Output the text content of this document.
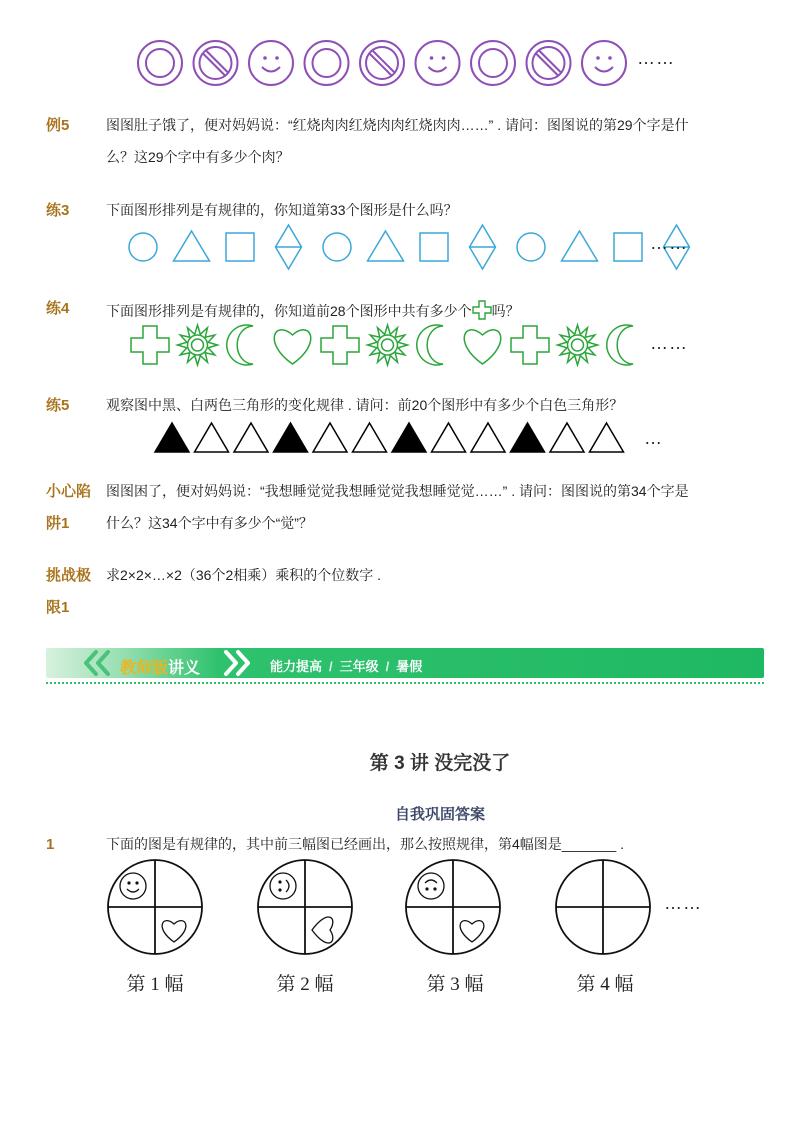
……
例5	图图肚子饿了，便对妈妈说：“红烧肉肉红烧肉肉红烧肉肉……” . 请问：图图说的第29个字是什
么？这29个字中有多少个肉？
练3	下面图形排列是有规律的，你知道第33个图形是什么吗？
……
练4	下面图形排列是有规律的，你知道前28个图形中共有多少个 吗？
……
练5	观察图中黑、白两色三角形的变化规律 . 请问：前20个图形中有多少个白色三角形？
…
小心陷
阱1
图图困了，便对妈妈说：“我想睡觉觉我想睡觉觉我想睡觉觉……” . 请问：图图说的第34个字是
什么？这34个字中有多少个“觉”？
挑战极
限1
求2×2×…×2（36个2相乘）乘积的个位数字 .
教师版讲义	能力提高 / 三年级 / 暑假
第 3 讲 没完没了
自我巩固答案
1	下面的图是有规律的，其中前三幅图已经画出，那么按照规律，第4幅图是_______ .
……
第 1 幅	第 2 幅	第 3 幅	第 4 幅
